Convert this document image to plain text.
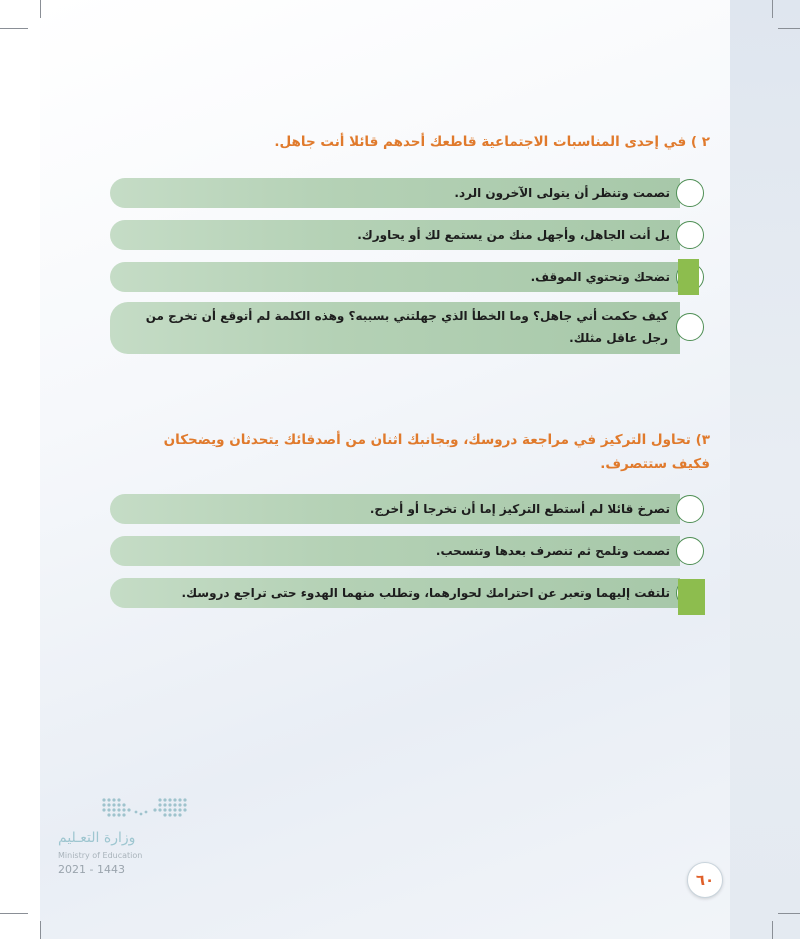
٢ ) في إحدى المناسبات الاجتماعية قاطعك أحدهم قائلا أنت جاهل.
تصمت وتنظر أن يتولى الآخرون الرد.
بل أنت الجاهل، وأجهل منك من يستمع لك أو يحاورك.
تضحك وتحتوي الموقف.
كيف حكمت أني جاهل؟ وما الخطأ الذي جهلتني بسببه؟ وهذه الكلمة لم أتوقع أن تخرج من رجل عاقل مثلك.
٣) تحاول التركيز في مراجعة دروسك، وبجانبك اثنان من أصدقائك يتحدثان ويضحكان فكيف ستتصرف.
تصرخ قائلا لم أستطع التركيز إما أن تخرجا أو أخرج.
تصمت وتلمح ثم تنصرف بعدها وتنسحب.
تلتفت إليهما وتعبر عن احترامك لحوارهما، وتطلب منهما الهدوء حتى تراجع دروسك.
وزارة التعـليم
Ministry of Education
2021 - 1443
٦٠
